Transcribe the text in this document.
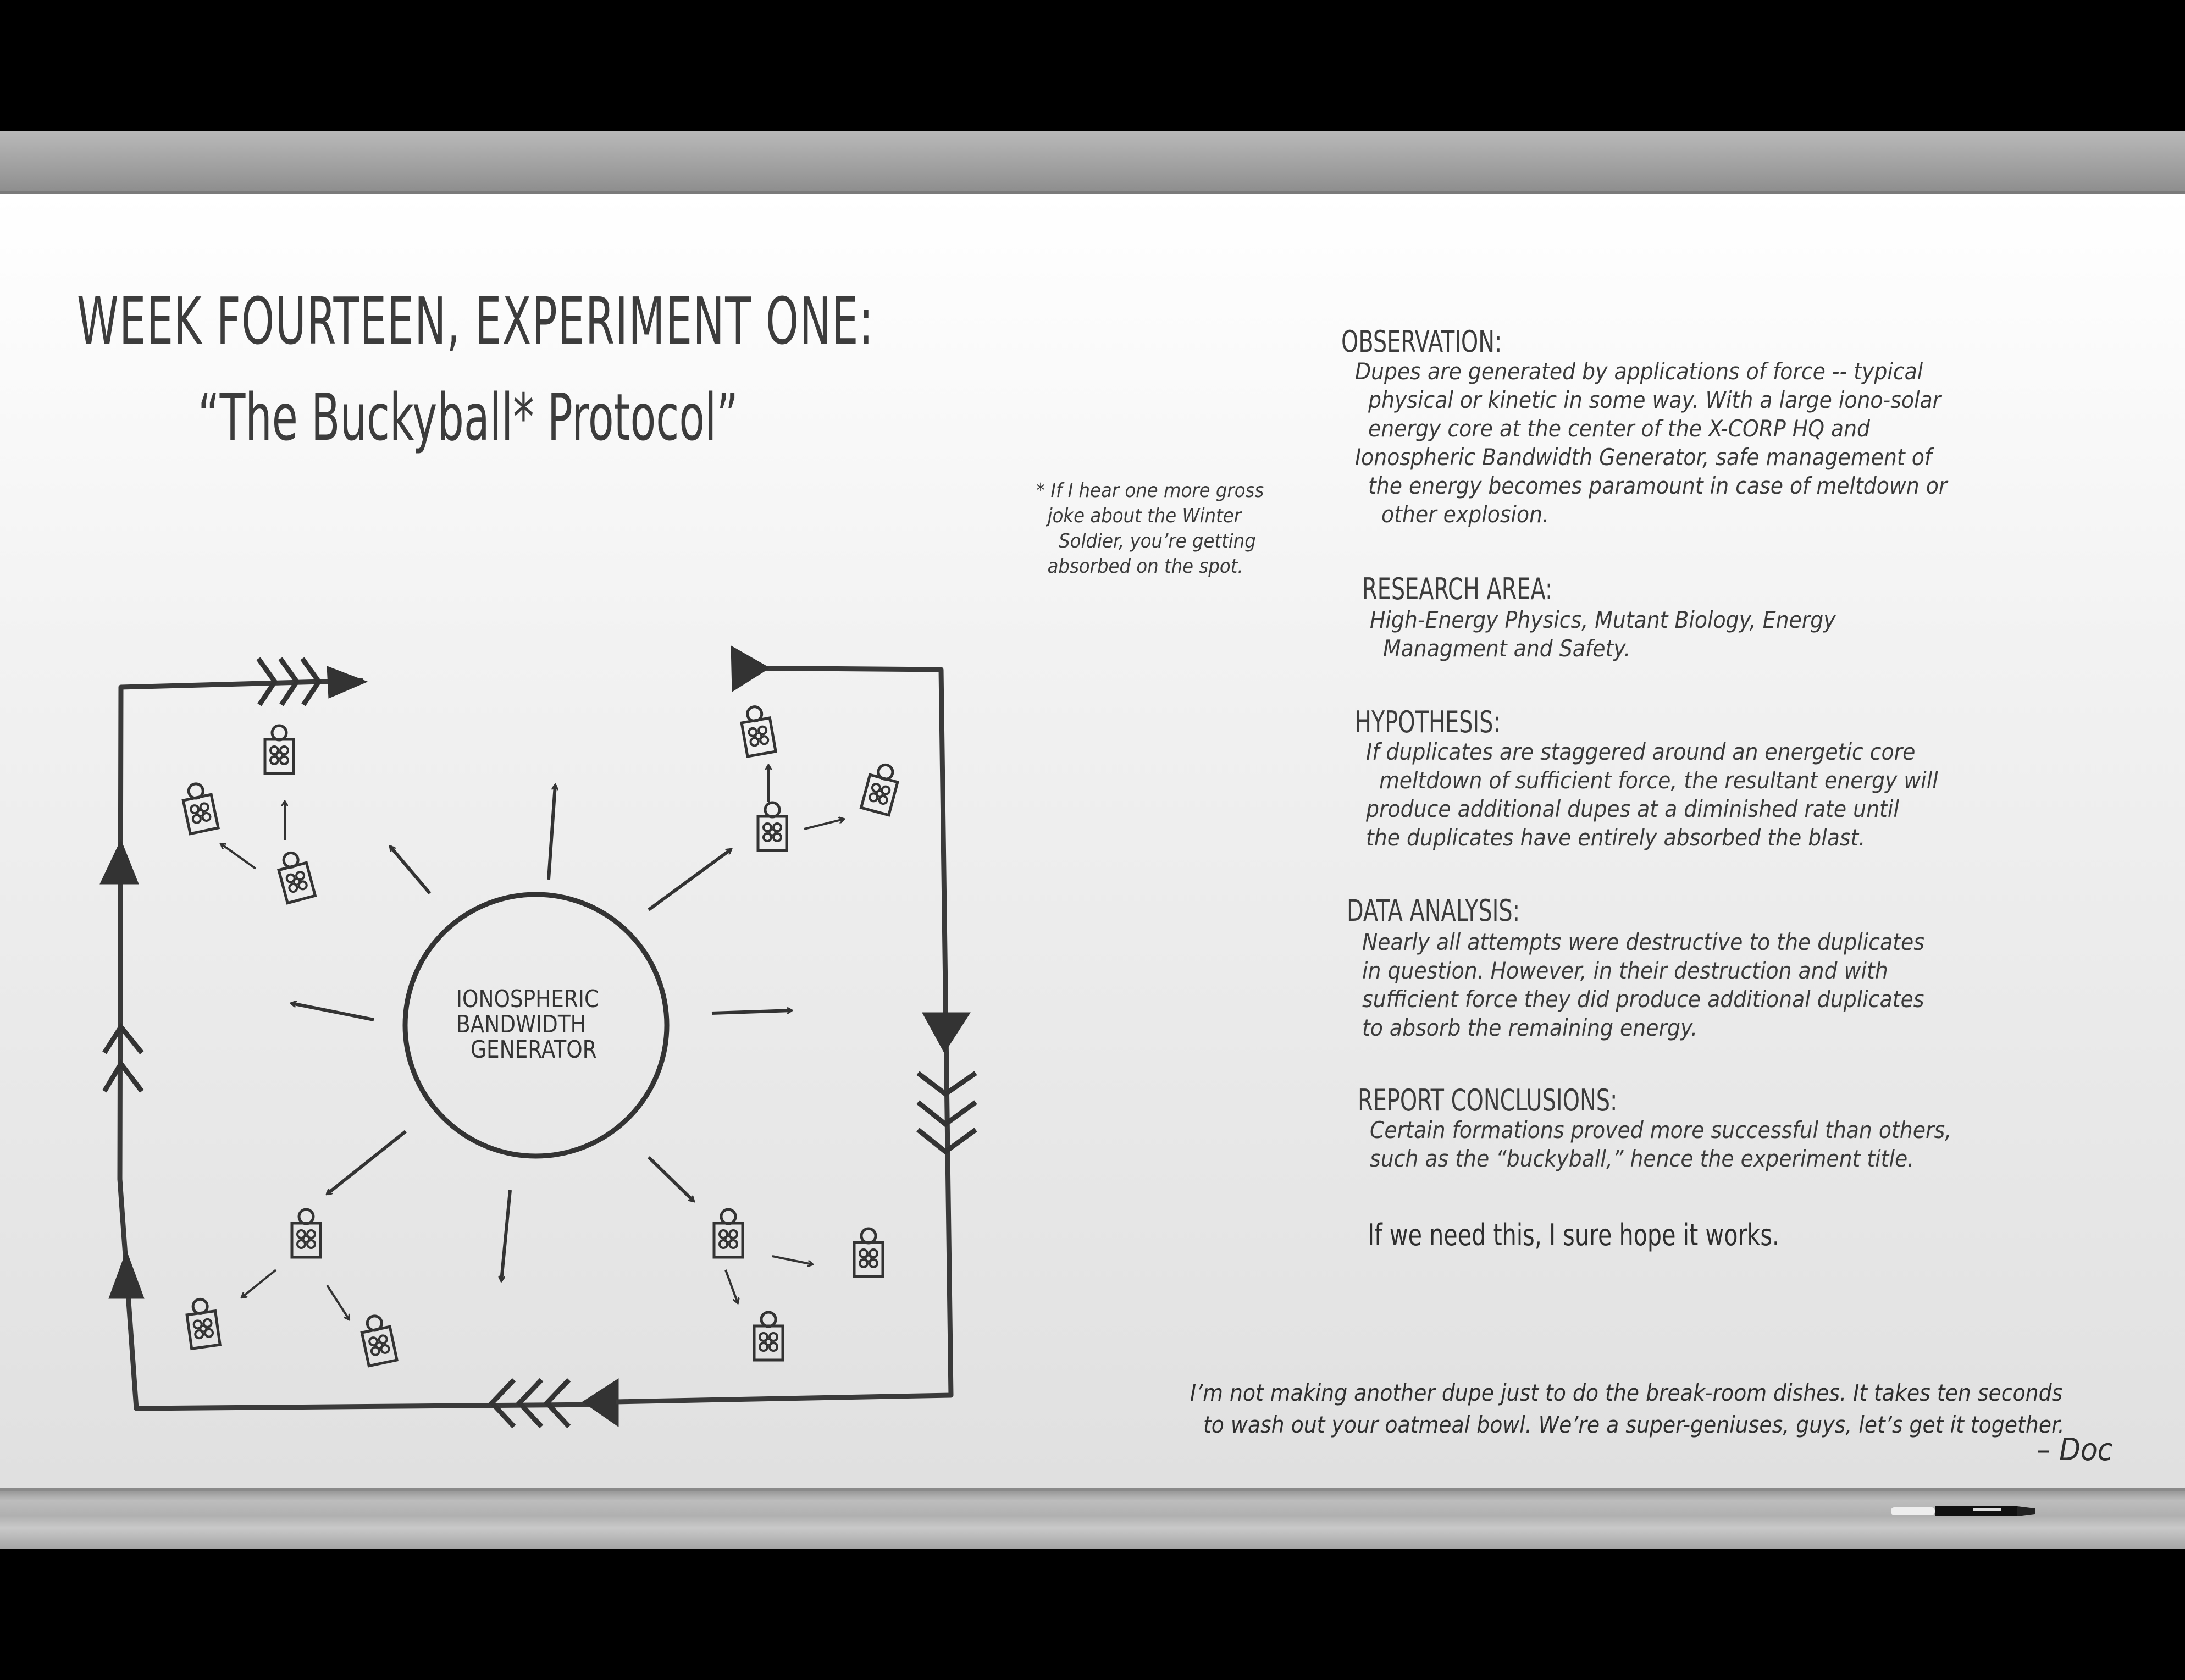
WEEK FOURTEEN, EXPERIMENT ONE:
“The Buckyball* Protocol”
* If I hear one more gross
joke about the Winter
Soldier, you’re getting
absorbed on the spot.
IONOSPHERIC
BANDWIDTH
GENERATOR
OBSERVATION:
Dupes are generated by applications of force -- typical
physical or kinetic in some way. With a large iono-solar
energy core at the center of the X-CORP HQ and
Ionospheric Bandwidth Generator, safe management of
the energy becomes paramount in case of meltdown or
other explosion.
RESEARCH AREA:
High-Energy Physics, Mutant Biology, Energy
Managment and Safety.
HYPOTHESIS:
If duplicates are staggered around an energetic core
meltdown of sufficient force, the resultant energy will
produce additional dupes at a diminished rate until
the duplicates have entirely absorbed the blast.
DATA ANALYSIS:
Nearly all attempts were destructive to the duplicates
in question. However, in their destruction and with
sufficient force they did produce additional duplicates
to absorb the remaining energy.
REPORT CONCLUSIONS:
Certain formations proved more successful than others,
such as the “buckyball,” hence the experiment title.
If we need this, I sure hope it works.
I’m not making another dupe just to do the break-room dishes. It takes ten seconds
to wash out your oatmeal bowl. We’re a super-geniuses, guys, let’s get it together.
– Doc
